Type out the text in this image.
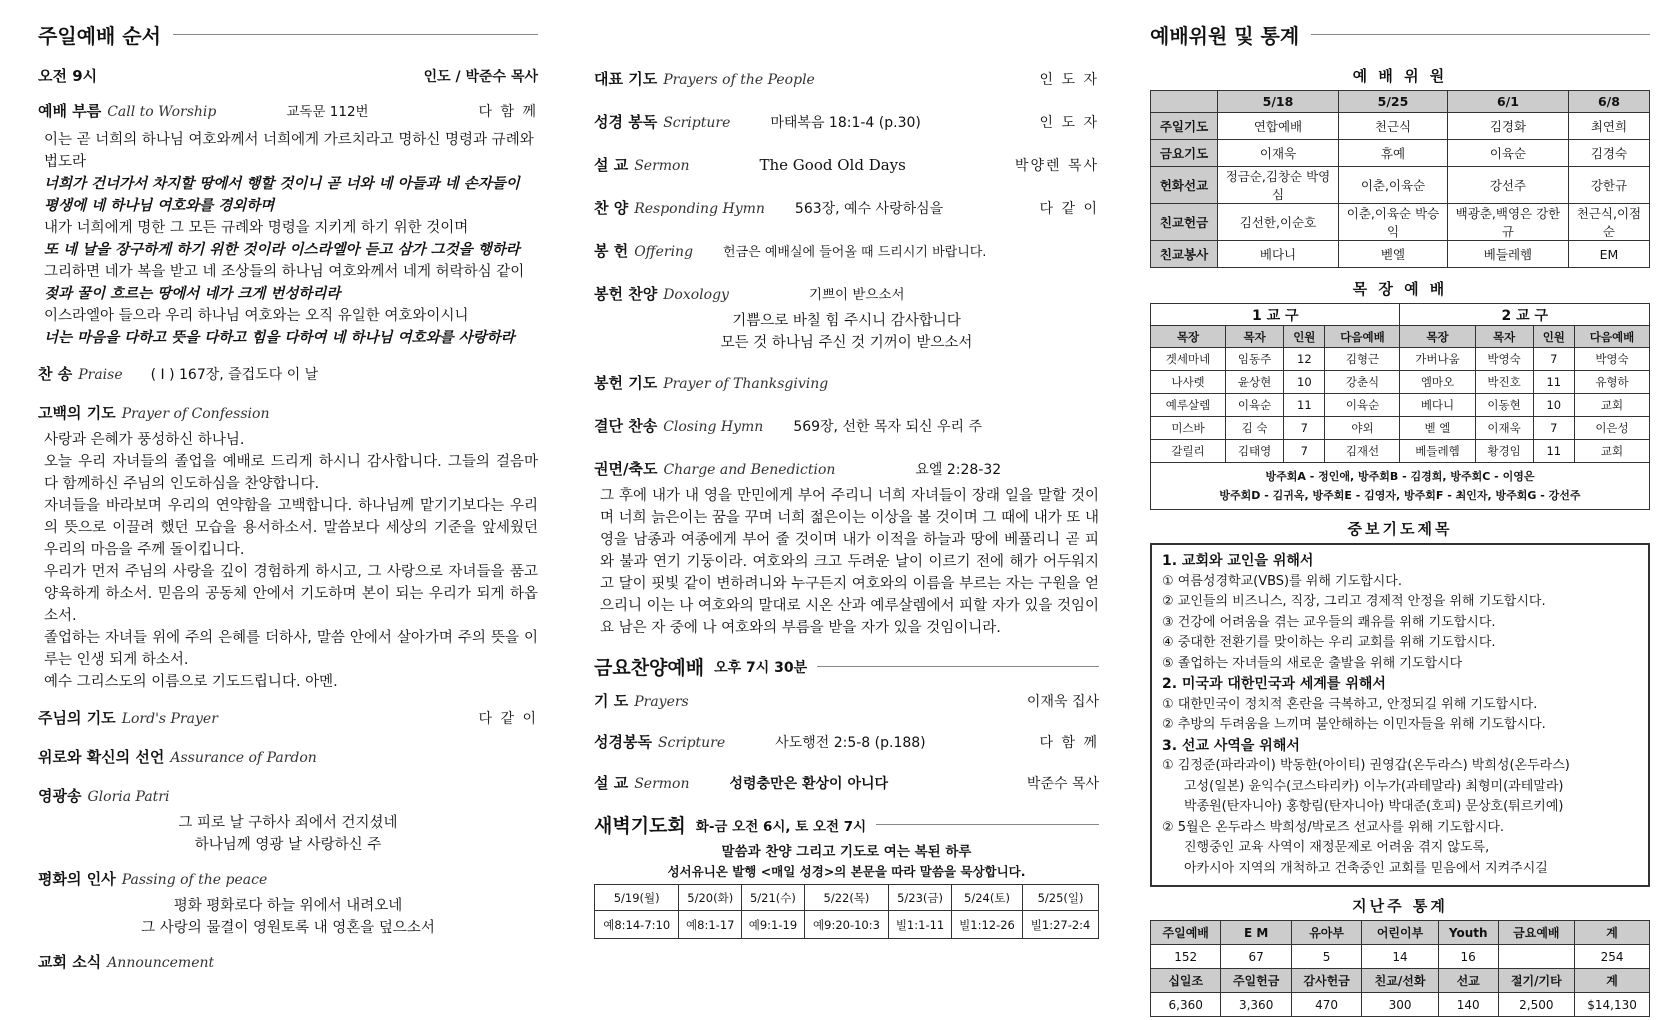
주일예배 순서
오전 9시	인도 / 박준수 목사
예배 부름 Call to Worship	교독문 112번	다 함 께
이는 곧 너희의 하나님 여호와께서 너희에게 가르치라고 명하신 명령과 규례와 법도라
너희가 건너가서 차지할 땅에서 행할 것이니 곧 너와 네 아들과 네 손자들이 평생에 네 하나님 여호와를 경외하며
내가 너희에게 명한 그 모든 규례와 명령을 지키게 하기 위한 것이며
또 네 날을 장구하게 하기 위한 것이라 이스라엘아 듣고 삼가 그것을 행하라
그리하면 네가 복을 받고 네 조상들의 하나님 여호와께서 네게 허락하심 같이
젖과 꿀이 흐르는 땅에서 네가 크게 번성하리라
이스라엘아 들으라 우리 하나님 여호와는 오직 유일한 여호와이시니
너는 마음을 다하고 뜻을 다하고 힘을 다하여 네 하나님 여호와를 사랑하라
찬 송 Praise ( I ) 167장, 즐겁도다 이 날
고백의 기도 Prayer of Confession
사랑과 은혜가 풍성하신 하나님.
오늘 우리 자녀들의 졸업을 예배로 드리게 하시니 감사합니다. 그들의 걸음마다 함께하신 주님의 인도하심을 찬양합니다.
자녀들을 바라보며 우리의 연약함을 고백합니다. 하나님께 맡기기보다는 우리의 뜻으로 이끌려 했던 모습을 용서하소서. 말씀보다 세상의 기준을 앞세웠던 우리의 마음을 주께 돌이킵니다.
우리가 먼저 주님의 사랑을 깊이 경험하게 하시고, 그 사랑으로 자녀들을 품고 양육하게 하소서. 믿음의 공동체 안에서 기도하며 본이 되는 우리가 되게 하옵소서.
졸업하는 자녀들 위에 주의 은혜를 더하사, 말씀 안에서 살아가며 주의 뜻을 이루는 인생 되게 하소서.
예수 그리스도의 이름으로 기도드립니다. 아멘.
주님의 기도 Lord's Prayer	다 같 이
위로와 확신의 선언 Assurance of Pardon
영광송 Gloria Patri
그 피로 날 구하사 죄에서 건지셨네
하나님께 영광 날 사랑하신 주
평화의 인사 Passing of the peace
평화 평화로다 하늘 위에서 내려오네
그 사랑의 물결이 영원토록 내 영혼을 덮으소서
교회 소식 Announcement
대표 기도 Prayers of the People	인 도 자
성경 봉독 Scripture	마태복음 18:1-4 (p.30)	인 도 자
설 교 Sermon	The Good Old Days	박양렌 목사
찬 양 Responding Hymn 563장, 예수 사랑하심을	다 같 이
봉 헌 Offering 헌금은 예배실에 들어올 때 드리시기 바랍니다.
봉헌 찬양 Doxology	기쁘이 받으소서
기쁨으로 바칠 힘 주시니 감사합니다
모든 것 하나님 주신 것 기꺼이 받으소서
봉헌 기도 Prayer of Thanksgiving
결단 찬송 Closing Hymn 569장, 선한 목자 되신 우리 주
권면/축도 Charge and Benediction	요엘 2:28-32
그 후에 내가 내 영을 만민에게 부어 주리니 너희 자녀들이 장래 일을 말할 것이며 너희 늙은이는 꿈을 꾸며 너희 젊은이는 이상을 볼 것이며 그 때에 내가 또 내 영을 남종과 여종에게 부어 줄 것이며 내가 이적을 하늘과 땅에 베풀리니 곧 피와 불과 연기 기둥이라. 여호와의 크고 두려운 날이 이르기 전에 해가 어두워지고 달이 핏빛 같이 변하려니와 누구든지 여호와의 이름을 부르는 자는 구원을 얻으리니 이는 나 여호와의 말대로 시온 산과 예루살렘에서 피할 자가 있을 것임이요 남은 자 중에 나 여호와의 부름을 받을 자가 있을 것임이니라.
금요찬양예배 오후 7시 30분
기 도 Prayers	이재욱 집사
성경봉독 Scripture	사도행전 2:5-8 (p.188)	다 함 께
설 교 Sermon	성령충만은 환상이 아니다	박준수 목사
새벽기도회 화-금 오전 6시, 토 오전 7시
말씀과 찬양 그리고 기도로 여는 복된 하루
성서유니온 발행 <매일 성경>의 본문을 따라 말씀을 묵상합니다.
5/19(월)	5/20(화)	5/21(수)	5/22(목)	5/23(금)	5/24(토)	5/25(일)
예8:14-7:10	예8:1-17	예9:1-19	예9:20-10:3	빌1:1-11	빌1:12-26	빌1:27-2:4
예배위원 및 통계
예 배 위 원
	5/18	5/25	6/1	6/8
주일기도	연합예배	천근식	김경화	최연희
금요기도	이재욱	휴예	이육순	김경숙
헌화선교	정금순,김창순 박영심	이춘,이육순	강선주	강한규
친교헌금	김선한,이순호	이춘,이육순 박승익	백광춘,백영은 강한규	천근식,이점순
친교봉사	베다니	벧엘	베들레헴	EM
목 장 예 배
1 교 구				2 교 구			
목장	목자	인원	다음예배	목장	목자	인원	다음예배
겟세마네	임동주	12	김형근	가버나움	박영숙	7	박영숙
나사렛	윤상현	10	강춘식	엠마오	박진호	11	유형하
예루살렘	이육순	11	이육순	베다니	이동현	10	교회
미스바	김 숙	7	야외	벧 엘	이재욱	7	이은성
갈릴리	김태영	7	김재선	베들레헴	황경임	11	교회
방주회A - 정인애, 방주회B - 김경희, 방주회C - 이영은
방주회D - 김귀옥, 방주회E - 김영자, 방주회F - 최인자, 방주회G - 강선주
중보기도제목
1. 교회와 교인을 위해서
① 여름성경학교(VBS)를 위해 기도합시다.
② 교인들의 비즈니스, 직장, 그리고 경제적 안정을 위해 기도합시다.
③ 건강에 어려움을 겪는 교우들의 쾌유를 위해 기도합시다.
④ 중대한 전환기를 맞이하는 우리 교회를 위해 기도합시다.
⑤ 졸업하는 자녀들의 새로운 출발을 위해 기도합시다
2. 미국과 대한민국과 세계를 위해서
① 대한민국이 정치적 혼란을 극복하고, 안정되길 위해 기도합시다.
② 추방의 두려움을 느끼며 불안해하는 이민자들을 위해 기도합시다.
3. 선교 사역을 위해서
① 김정준(파라과이) 박동한(아이티) 권영갑(온두라스) 박희성(온두라스)
고성(일본) 윤익수(코스타리카) 이누가(과테말라) 최형미(과테말라)
박종원(탄자니아) 홍항림(탄자니아) 박대준(호피) 문상호(튀르키예)
② 5월은 온두라스 박희성/박로즈 선교사를 위해 기도합시다.
진행중인 교육 사역이 재정문제로 어려움 겪지 않도록,
아카시아 지역의 개척하고 건축중인 교회를 믿음에서 지켜주시길
지난주 통계
주일예배	E M	유아부	어린이부	Youth	금요예배	계
152	67	5	14	16		254
십일조	주일헌금	감사헌금	친교/선화	선교	절기/기타	계
6,360	3,360	470	300	140	2,500	$14,130
